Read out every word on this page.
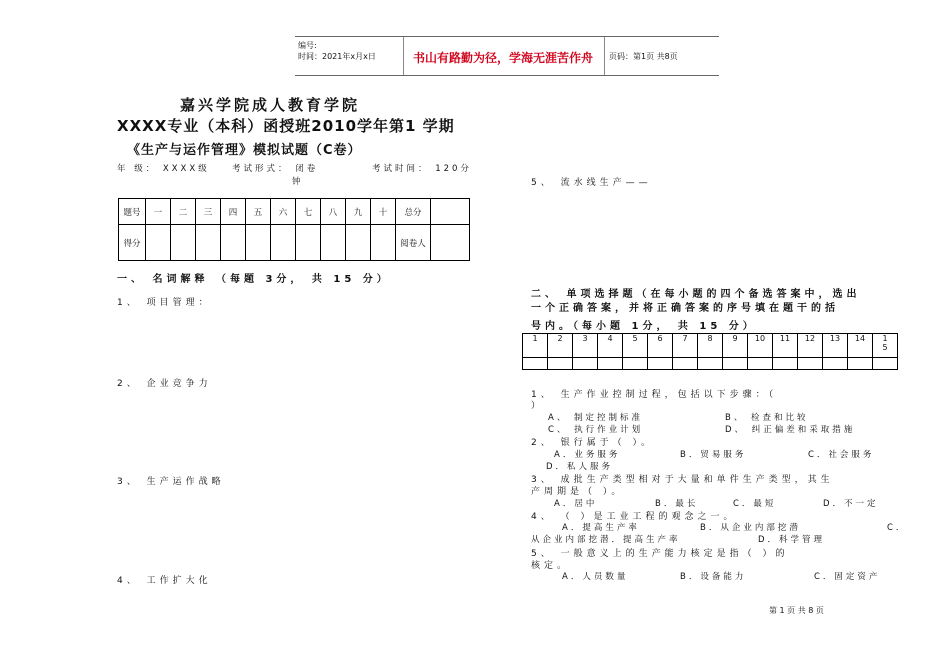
编号:
时间：2021年x月x日	书山有路勤为径，学海无涯苦作舟 页码：第1页 共8页
嘉兴学院成人教育学院
XXXX专业（本科）函授班2010学年第1 学期
《生产与运作管理》模拟试题（C卷）
年 级： XXXX级	考试形式： 闭卷	考试时间： 120分
钟
题号	一	二	三	四	五	六	七	八	九	十	总分	
得分											阅卷人	
一、 名词解释 （每题 3分， 共 15 分）
1、 项目管理：
2、 企业竞争力
3、 生产运作战略
4、 工作扩大化
5、 流水线生产——
二、 单项选择题（在每小题的四个备选答案中，选出
一个正确答案，并将正确答案的序号填在题干的括
号内。（每小题 1分， 共 15 分）
1	2	3	4	5	6	7	8	9	10	11	12	13	14	1
5

1、 生产作业控制过程，包括以下步骤：（
）
A、 制定控制标准	B、 检查和比较
C、 执行作业计划	D、 纠正偏差和采取措施
2、 银行属于（ ）。
A．业务服务	B．贸易服务	C．社会服务
D．私人服务
3、 成批生产类型相对于大量和单件生产类型，其生
产周期是（ ）。
A．居中	B．最长	C．最短	D．不一定
4、 （ ）是工业工程的观念之一。
A．提高生产率	B．从企业内部挖潜	C．
从企业内部挖潜．提高生产率	D．科学管理
5、 一般意义上的生产能力核定是指（ ）的
核定。
A．人员数量	B．设备能力	C．固定资产
第 1 页 共 8 页
